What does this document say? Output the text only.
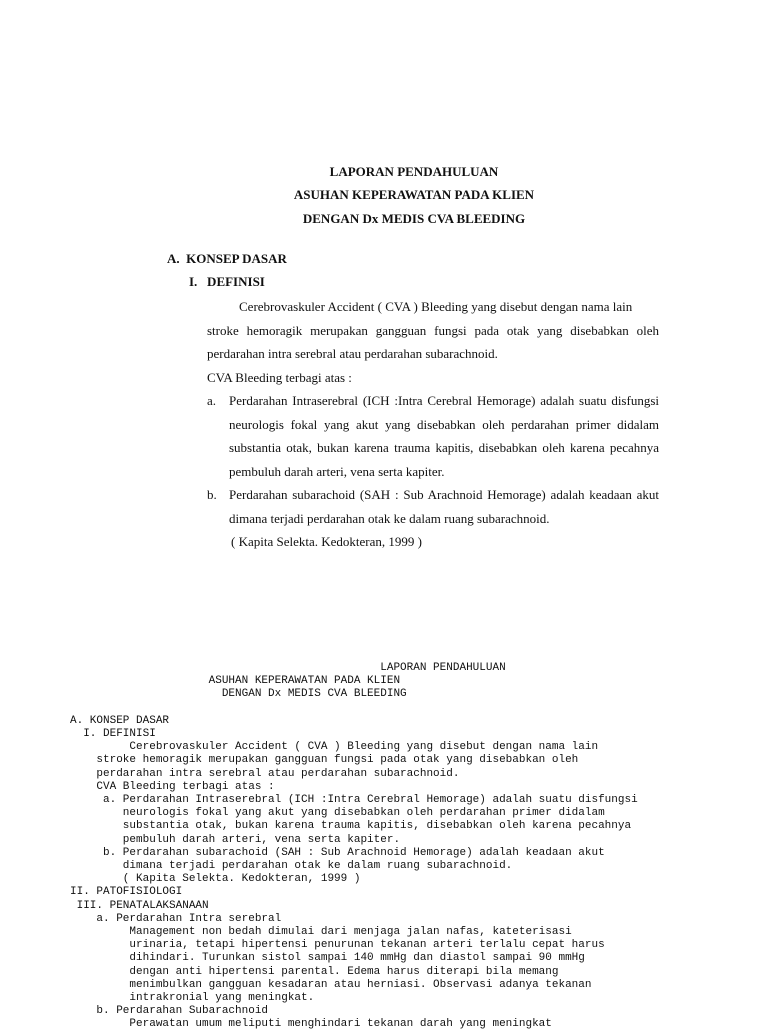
LAPORAN PENDAHULUAN
ASUHAN KEPERAWATAN PADA KLIEN
DENGAN Dx MEDIS CVA BLEEDING
A.  KONSEP DASAR
I.   DEFINISI
Cerebrovaskuler Accident ( CVA ) Bleeding yang disebut dengan nama lain
stroke hemoragik merupakan gangguan fungsi pada otak yang disebabkan oleh
perdarahan intra serebral atau perdarahan subarachnoid.
CVA Bleeding terbagi atas :
a. Perdarahan Intraserebral (ICH :Intra Cerebral Hemorage) adalah suatu disfungsi
neurologis fokal yang akut yang disebabkan oleh perdarahan primer didalam
substantia otak, bukan karena trauma kapitis, disebabkan oleh karena pecahnya
pembuluh darah arteri, vena serta kapiter.
b. Perdarahan subarachoid (SAH : Sub Arachnoid Hemorage) adalah keadaan akut
dimana terjadi perdarahan otak ke dalam ruang subarachnoid.
( Kapita Selekta. Kedokteran, 1999 )
LAPORAN PENDAHULUAN
ASUHAN KEPERAWATAN PADA KLIEN
DENGAN Dx MEDIS CVA BLEEDING

A. KONSEP DASAR
I. DEFINISI
Cerebrovaskuler Accident ( CVA ) Bleeding yang disebut dengan nama lain
stroke hemoragik merupakan gangguan fungsi pada otak yang disebabkan oleh
perdarahan intra serebral atau perdarahan subarachnoid.
CVA Bleeding terbagi atas :
a. Perdarahan Intraserebral (ICH :Intra Cerebral Hemorage) adalah suatu disfungsi
neurologis fokal yang akut yang disebabkan oleh perdarahan primer didalam
substantia otak, bukan karena trauma kapitis, disebabkan oleh karena pecahnya
pembuluh darah arteri, vena serta kapiter.
b. Perdarahan subarachoid (SAH : Sub Arachnoid Hemorage) adalah keadaan akut
dimana terjadi perdarahan otak ke dalam ruang subarachnoid.
( Kapita Selekta. Kedokteran, 1999 )
II. PATOFISIOLOGI
III. PENATALAKSANAAN
a. Perdarahan Intra serebral
Management non bedah dimulai dari menjaga jalan nafas, kateterisasi
urinaria, tetapi hipertensi penurunan tekanan arteri terlalu cepat harus
dihindari. Turunkan sistol sampai 140 mmHg dan diastol sampai 90 mmHg
dengan anti hipertensi parental. Edema harus diterapi bila memang
menimbulkan gangguan kesadaran atau herniasi. Observasi adanya tekanan
intrakronial yang meningkat.
b. Perdarahan Subarachnoid
Perawatan umum meliputi menghindari tekanan darah yang meningkat
